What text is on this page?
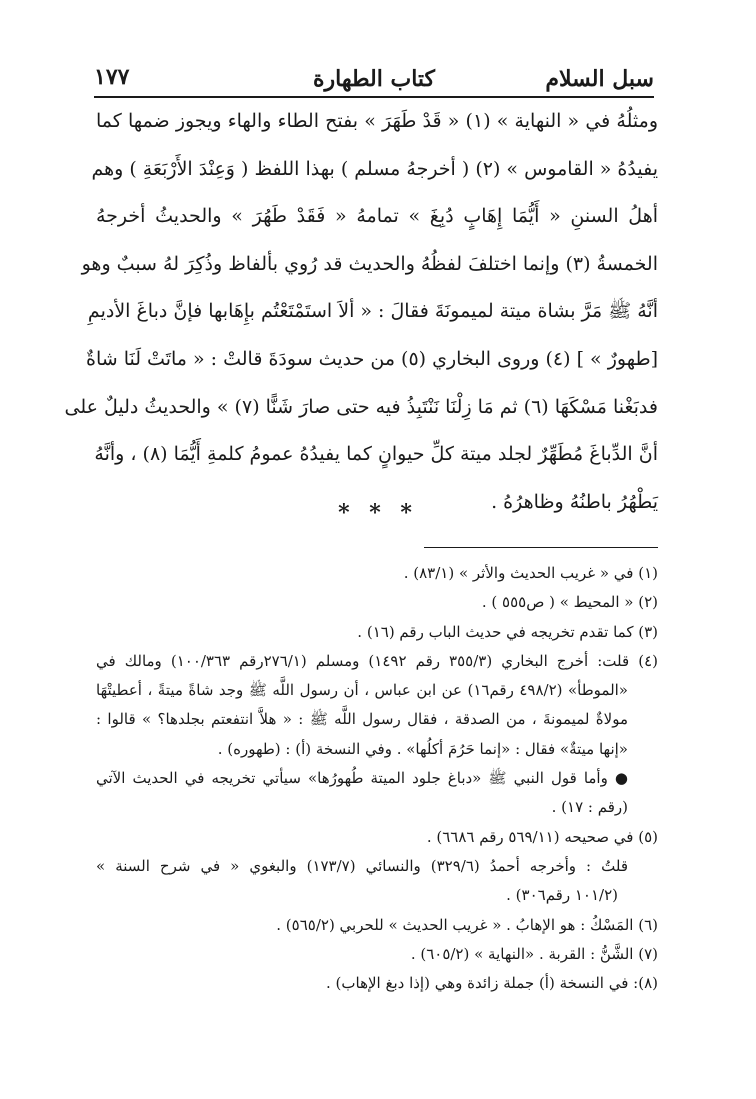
سبل السلام
كتاب الطهارة
١٧٧
ومثلُهُ في « النهاية » (١) « قَدْ طَهَرَ » بفتح الطاء والهاء ويجوز ضمها كما
يفيدُهُ « القاموس » (٢) ( أخرجهُ مسلم ) بهذا اللفظ ( وَعِنْدَ الأَرْبَعَةِ ) وهم
أهلُ السننِ « أَيُّمَا إِهَابٍ دُبِغَ » تمامهُ « فَقَدْ طَهُرَ » والحديثُ أخرجهُ
الخمسةُ (٣) وإنما اختلفَ لفظُهُ والحديث قد رُوي بألفاظ وذُكِرَ لهُ سببٌ وهو
أنَّهُ ﷺ مَرَّ بشاة ميتة لميمونَةَ فقالَ : « ألاَ استَمْتَعْتُم بإِهَابها فإنَّ دباغَ الأديمِ
[طهورٌ » ] (٤) وروى البخاري (٥) من حديث سودَةَ قالتْ : « ماتَتْ لَنَا شاةٌ
فدبَغْنا مَسْكَهَا (٦) ثم مَا زِلْنَا نَنْتَبِذُ فيه حتى صارَ شَنًّا (٧) » والحديثُ دليلٌ على
أنَّ الدِّباغَ مُطَهِّرٌ لجلد ميتة كلِّ حيوانٍ كما يفيدُهُ عمومُ كلمةِ أَيُّمَا (٨) ، وأنَّهُ
يَطْهُرُ باطنُهُ وظاهرُهُ .
* * *
(١) في « غريب الحديث والأثر » (٨٣/١) .
(٢) « المحيط » ( ص٥٥٥ ) .
(٣) كما تقدم تخريجه في حديث الباب رقم (١٦) .
(٤) قلت: أخرج البخاري (٣٥٥/٣ رقم ١٤٩٢) ومسلم (٢٧٦/١رقم ١٠٠/٣٦٣) ومالك في
«الموطأ» (٤٩٨/٢ رقم١٦) عن ابن عباس ، أن رسول اللَّه ﷺ وجد شاةً ميتةً ، أعطيتْهَا
مولاةٌ لميمونةَ ، من الصدقة ، فقال رسول اللَّه ﷺ : « هلاَّ انتفعتم بجلدها؟ » قالوا :
«إنها ميتةٌ» فقال : «إنما حَرُمَ أكلُها» . وفي النسخة (أ) : (طهوره) .
● وأما قول النبي ﷺ «دباغ جلود الميتة طُهورُها» سيأتي تخريجه في الحديث الآتي
(رقم : ١٧) .
(٥) في صحيحه (٥٦٩/١١ رقم ٦٦٨٦) .
قلتُ : وأخرجه أحمدُ (٣٢٩/٦) والنسائي (١٧٣/٧) والبغوي « في شرح السنة »
(١٠١/٢ رقم٣٠٦) .
(٦) المَسْكُ : هو الإهابُ . « غريب الحديث » للحربي (٥٦٥/٢) .
(٧) الشَّنُّ : القربة . «النهاية » (٦٠٥/٢) .
(٨): في النسخة (أ) جملة زائدة وهي (إذا دبغ الإهاب) .
